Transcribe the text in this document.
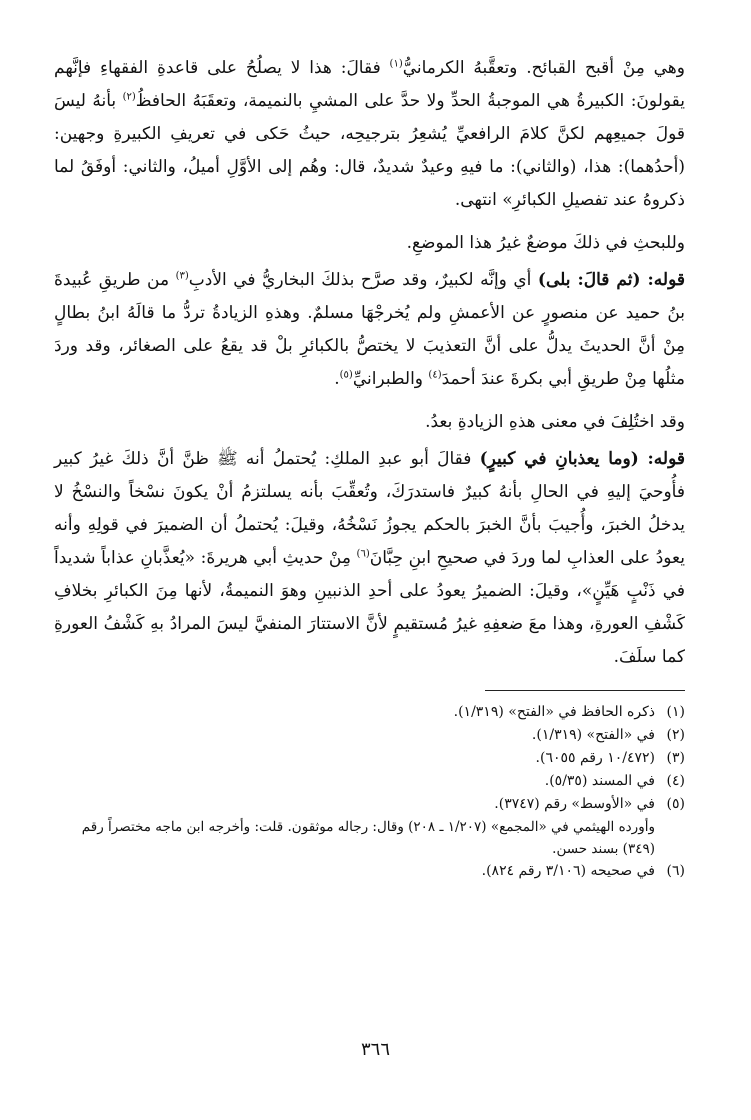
وهي مِنْ أقبح القبائح. وتعقَّبهُ الكرمانيُّ$^{(١)}$ فقالَ: هذا لا يصلُحُ على قاعدةِ الفقهاءِ فإنَّهم يقولونَ: الكبيرةُ هي الموجبةُ الحدِّ ولا حدَّ على المشيِ بالنميمة، وتعقَبَهُ الحافظُ$^{(٢)}$ بأنهُ ليسَ قولَ جميعِهم لكنَّ كلامَ الرافعيِّ يُشعِرُ بترجيحِه، حيثُ حَكى في تعريفِ الكبيرةِ وجهين: (أحدُهما): هذا، (والثاني): ما فيهِ وعيدٌ شديدٌ، قال: وهُم إلى الأوَّلِ أميلُ، والثاني: أوفَقُ لما ذكروهُ عند تفصيلِ الكبائرِ» انتهى.

وللبحثِ في ذلكَ موضعٌ غيرُ هذا الموضعِ.

قوله: (ثم قالَ: بلى) أي وإنَّه لكبيرٌ، وقد صرَّح بذلكَ البخاريُّ في الأدبِ$^{(٣)}$ من طريقِ عُبيدةَ بنُ حميد عن منصورٍ عن الأعمشِ ولم يُخرجْهَا مسلمٌ. وهذهِ الزيادةُ تردُّ ما قالَهُ ابنُ بطالٍ مِنْ أنَّ الحديثَ يدلُّ على أنَّ التعذيبَ لا يختصُّ بالكبائرِ بلْ قد يقعُ على الصغائر، وقد وردَ مثلُها مِنْ طريقِ أبي بكرةَ عندَ أحمدَ$^{(٤)}$ والطبرانيِّ$^{(٥)}$.

وقد اختُلِفَ في معنى هذهِ الزيادةِ بعدُ.

قوله: (وما يعذبانِ في كبيرٍ) فقالَ أبو عبدِ الملكِ: يُحتملُ أنه ﷺ ظنَّ أنَّ ذلكَ غيرُ كبير فأُوحيَ إليهِ في الحالِ بأنهُ كبيرٌ فاستدرَكَ، وتُعقِّبَ بأنه يسلتزمُ أنْ يكونَ نسْخاً والنسْخُ لا يدخلُ الخبرَ، وأُجيبَ بأنَّ الخبرَ بالحكم يجوزُ نَسْخُهُ، وقيلَ: يُحتملُ أن الضميرَ في قولِهِ وأنه يعودُ على العذابِ لما وردَ في صحيحِ ابنِ حِبَّانَ$^{(٦)}$ مِنْ حديثِ أبي هريرةَ: «يُعذَّبانِ عذاباً شديداً في ذَنْبٍ هَيِّنٍ»، وقيلَ: الضميرُ يعودُ على أحدِ الذنبينِ وهوَ النميمةُ، لأنها مِنَ الكبائرِ بخلافِ كَشْفِ العورةِ، وهذا معَ ضعفِهِ غيرُ مُستقيمٍ لأنَّ الاستتارَ المنفيَّ ليسَ المرادُ بهِ كَشْفُ العورةِ كما سلَفَ.

(١)
ذكره الحافظ في «الفتح» (١/٣١٩).
(٢)
في «الفتح» (١/٣١٩).
(٣)
(١٠/٤٧٢ رقم ٦٠٥٥).
(٤)
في المسند (٥/٣٥).
(٥)
في «الأوسط» رقم (٣٧٤٧).
وأورده الهيثمي في «المجمع» (١/٢٠٧ ـ ٢٠٨) وقال: رجاله موثقون. قلت: وأخرجه ابن ماجه مختصراً رقم (٣٤٩) بسند حسن.
(٦)
في صحيحه (٣/١٠٦ رقم ٨٢٤).
٣٦٦
